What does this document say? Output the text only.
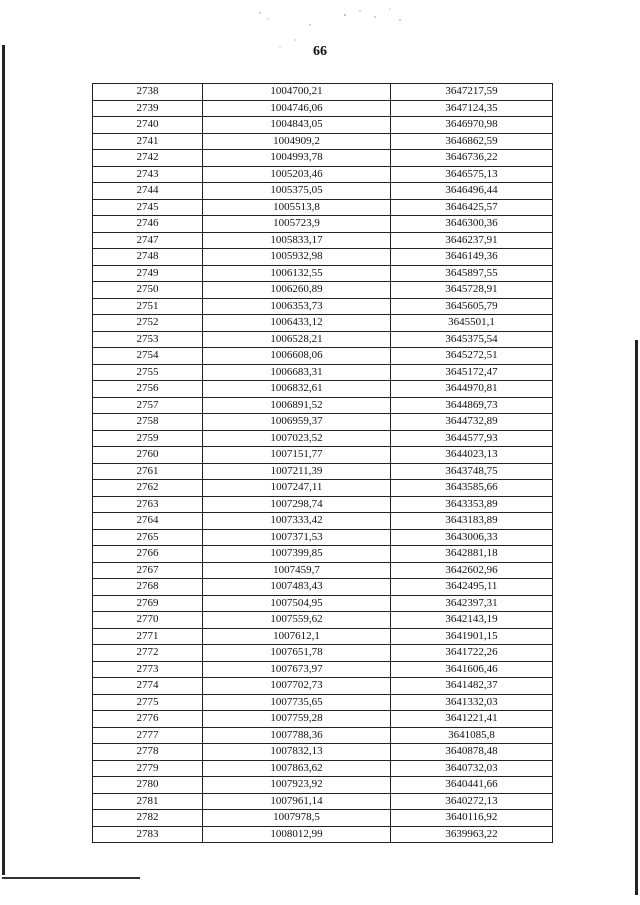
66
2738	1004700,21	3647217,59
2739	1004746,06	3647124,35
2740	1004843,05	3646970,98
2741	1004909,2	3646862,59
2742	1004993,78	3646736,22
2743	1005203,46	3646575,13
2744	1005375,05	3646496,44
2745	1005513,8	3646425,57
2746	1005723,9	3646300,36
2747	1005833,17	3646237,91
2748	1005932,98	3646149,36
2749	1006132,55	3645897,55
2750	1006260,89	3645728,91
2751	1006353,73	3645605,79
2752	1006433,12	3645501,1
2753	1006528,21	3645375,54
2754	1006608,06	3645272,51
2755	1006683,31	3645172,47
2756	1006832,61	3644970,81
2757	1006891,52	3644869,73
2758	1006959,37	3644732,89
2759	1007023,52	3644577,93
2760	1007151,77	3644023,13
2761	1007211,39	3643748,75
2762	1007247,11	3643585,66
2763	1007298,74	3643353,89
2764	1007333,42	3643183,89
2765	1007371,53	3643006,33
2766	1007399,85	3642881,18
2767	1007459,7	3642602,96
2768	1007483,43	3642495,11
2769	1007504,95	3642397,31
2770	1007559,62	3642143,19
2771	1007612,1	3641901,15
2772	1007651,78	3641722,26
2773	1007673,97	3641606,46
2774	1007702,73	3641482,37
2775	1007735,65	3641332,03
2776	1007759,28	3641221,41
2777	1007788,36	3641085,8
2778	1007832,13	3640878,48
2779	1007863,62	3640732,03
2780	1007923,92	3640441,66
2781	1007961,14	3640272,13
2782	1007978,5	3640116,92
2783	1008012,99	3639963,22
